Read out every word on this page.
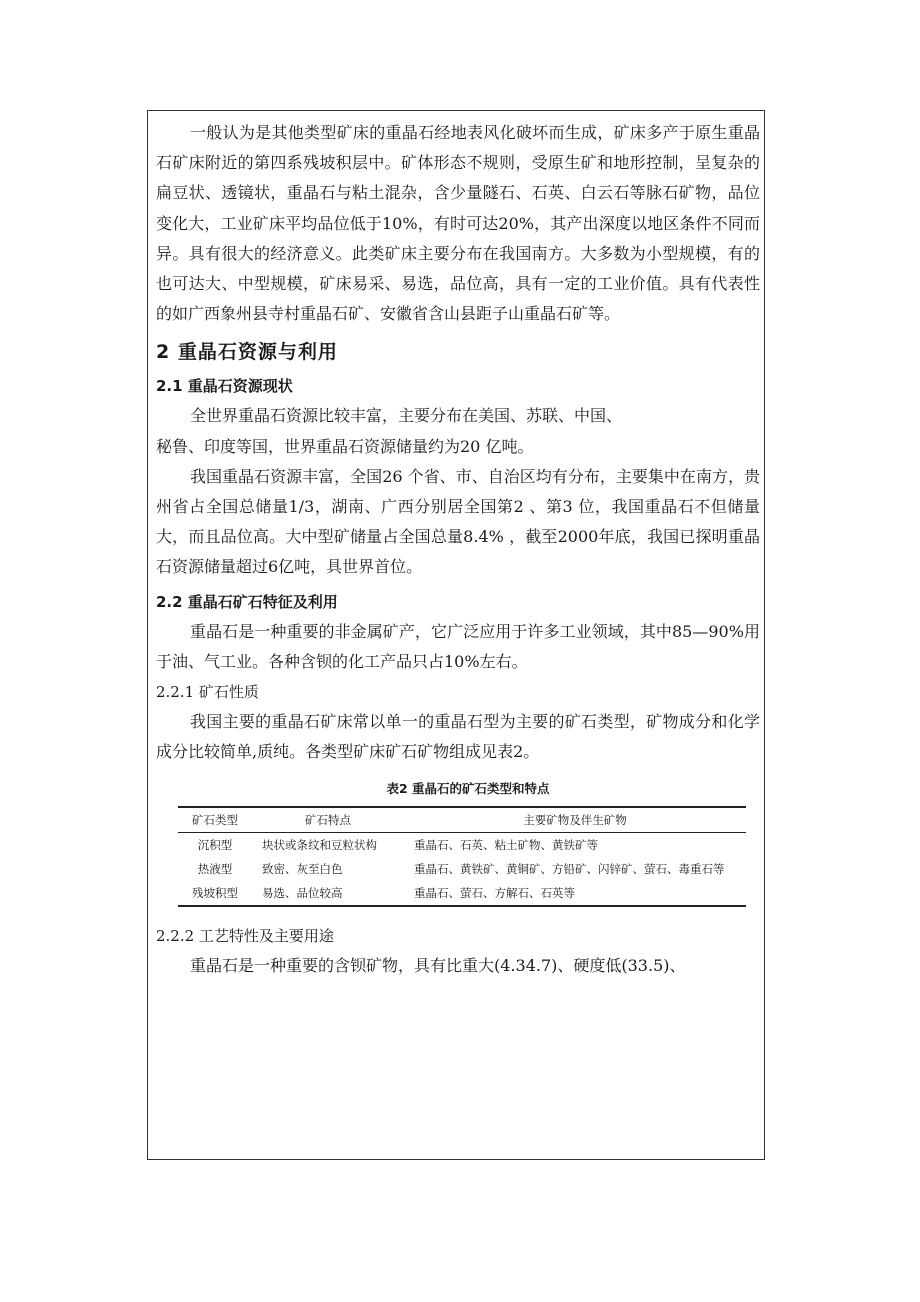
一般认为是其他类型矿床的重晶石经地表风化破坏而生成，矿床多产于原生重晶石矿床附近的第四系残坡积层中。矿体形态不规则，受原生矿和地形控制，呈复杂的扁豆状、透镜状，重晶石与粘土混杂，含少量隧石、石英、白云石等脉石矿物，品位变化大，工业矿床平均品位低于10%，有时可达20%，其产出深度以地区条件不同而异。具有很大的经济意义。此类矿床主要分布在我国南方。大多数为小型规模，有的也可达大、中型规模，矿床易采、易选，品位高，具有一定的工业价值。具有代表性的如广西象州县寺村重晶石矿、安徽省含山县距子山重晶石矿等。

2 重晶石资源与利用
2.1 重晶石资源现状

全世界重晶石资源比较丰富，主要分布在美国、苏联、中国、

秘鲁、印度等国，世界重晶石资源储量约为20 亿吨。

我国重晶石资源丰富，全国26 个省、市、自治区均有分布，主要集中在南方，贵州省占全国总储量1/3，湖南、广西分别居全国第2 、第3 位，我国重晶石不但储量大，而且品位高。大中型矿储量占全国总量8.4% ，截至2000年底，我国已探明重晶石资源储量超过6亿吨，具世界首位。

2.2 重晶石矿石特征及利用

重晶石是一种重要的非金属矿产，它广泛应用于许多工业领域，其中85—90%用于油、气工业。各种含钡的化工产品只占10%左右。

2.2.1 矿石性质

我国主要的重晶石矿床常以单一的重晶石型为主要的矿石类型，矿物成分和化学成分比较简单,质纯。各类型矿床矿石矿物组成见表2。

表2 重晶石的矿石类型和特点
矿石类型	矿石特点	主要矿物及伴生矿物
沉积型	块状或条纹和豆粒状构	重晶石、石英、粘土矿物、黄铁矿等
热液型	致密、灰至白色	重晶石、黄铁矿、黄铜矿、方铅矿、闪锌矿、萤石、毒重石等
残坡积型	易选、品位较高	重晶石、萤石、方解石、石英等
2.2.2 工艺特性及主要用途

重晶石是一种重要的含钡矿物，具有比重大(4.34.7)、硬度低(33.5)、
